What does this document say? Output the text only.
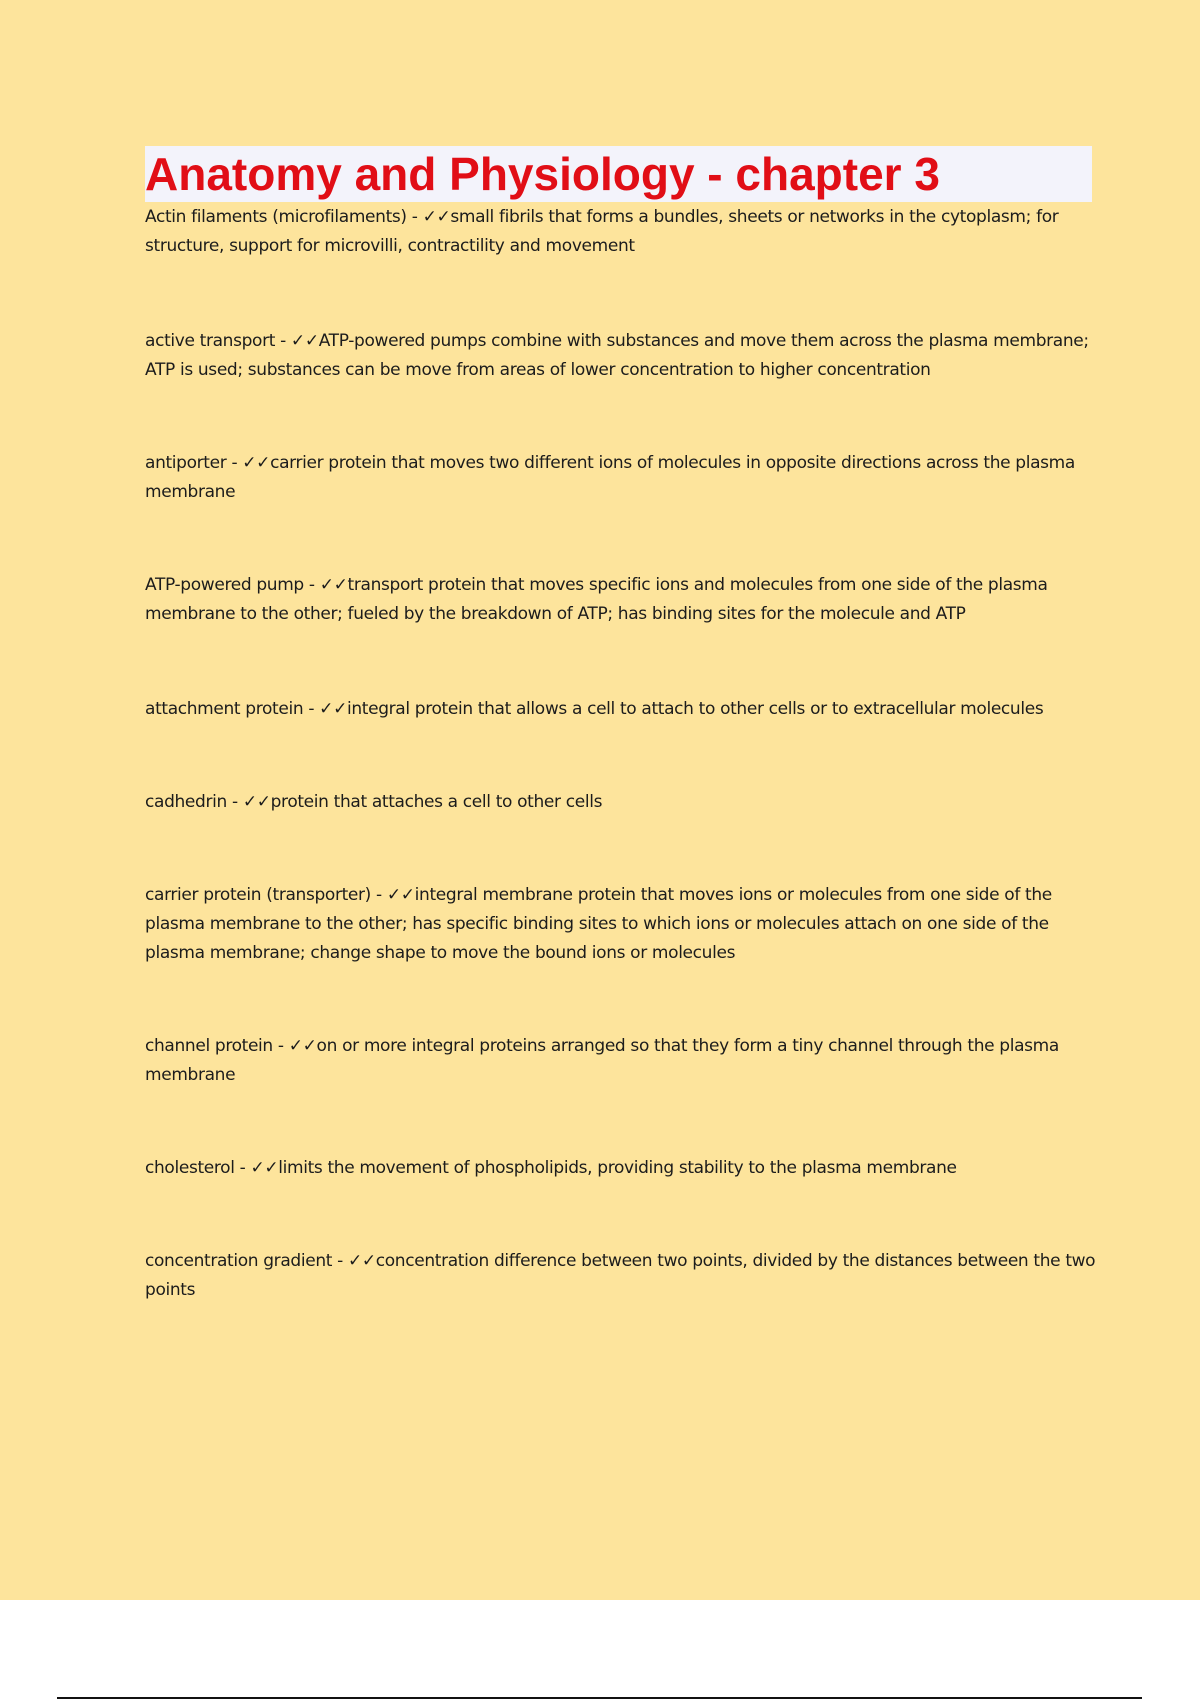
Anatomy and Physiology - chapter 3

Actin filaments (microfilaments) - ✓✓small fibrils that forms a bundles, sheets or networks in the cytoplasm; for structure, support for microvilli, contractility and movement

active transport - ✓✓ATP-powered pumps combine with substances and move them across the plasma membrane; ATP is used; substances can be move from areas of lower concentration to higher concentration

antiporter - ✓✓carrier protein that moves two different ions of molecules in opposite directions across the plasma membrane

ATP-powered pump - ✓✓transport protein that moves specific ions and molecules from one side of the plasma membrane to the other; fueled by the breakdown of ATP; has binding sites for the molecule and ATP

attachment protein - ✓✓integral protein that allows a cell to attach to other cells or to extracellular molecules

cadhedrin - ✓✓protein that attaches a cell to other cells

carrier protein (transporter) - ✓✓integral membrane protein that moves ions or molecules from one side of the plasma membrane to the other; has specific binding sites to which ions or molecules attach on one side of the plasma membrane; change shape to move the bound ions or molecules

channel protein - ✓✓on or more integral proteins arranged so that they form a tiny channel through the plasma membrane

cholesterol - ✓✓limits the movement of phospholipids, providing stability to the plasma membrane

concentration gradient - ✓✓concentration difference between two points, divided by the distances between the two points
